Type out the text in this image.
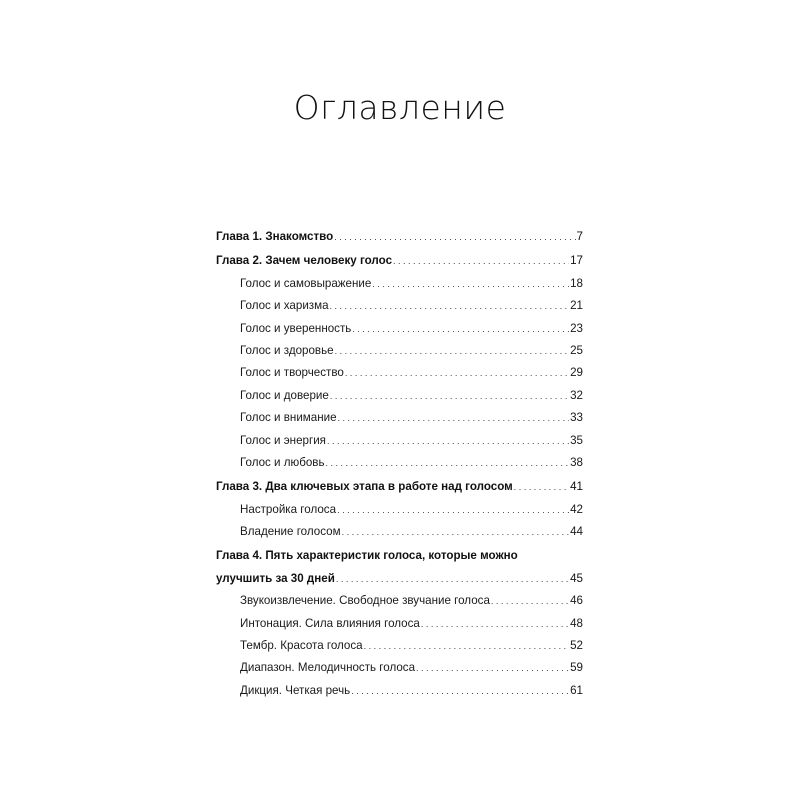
Оглавление
Глава 1. Знакомство . . .	7
Глава 2. Зачем человеку голос . . .	17
Голос и самовыражение . . .	18
Голос и харизма . . .	21
Голос и уверенность . . .	23
Голос и здоровье . . .	25
Голос и творчество . . .	29
Голос и доверие . . .	32
Голос и внимание . . .	33
Голос и энергия . . .	35
Голос и любовь . . .	38
Глава 3. Два ключевых этапа в работе над голосом . . .	41
Настройка голоса . . .	42
Владение голосом . . .	44
Глава 4. Пять характеристик голоса, которые можно
улучшить за 30 дней . . .	45
Звукоизвлечение. Свободное звучание голоса . . .	46
Интонация. Сила влияния голоса . . .	48
Тембр. Красота голоса . . .	52
Диапазон. Мелодичность голоса . . .	59
Дикция. Четкая речь . . .	61
